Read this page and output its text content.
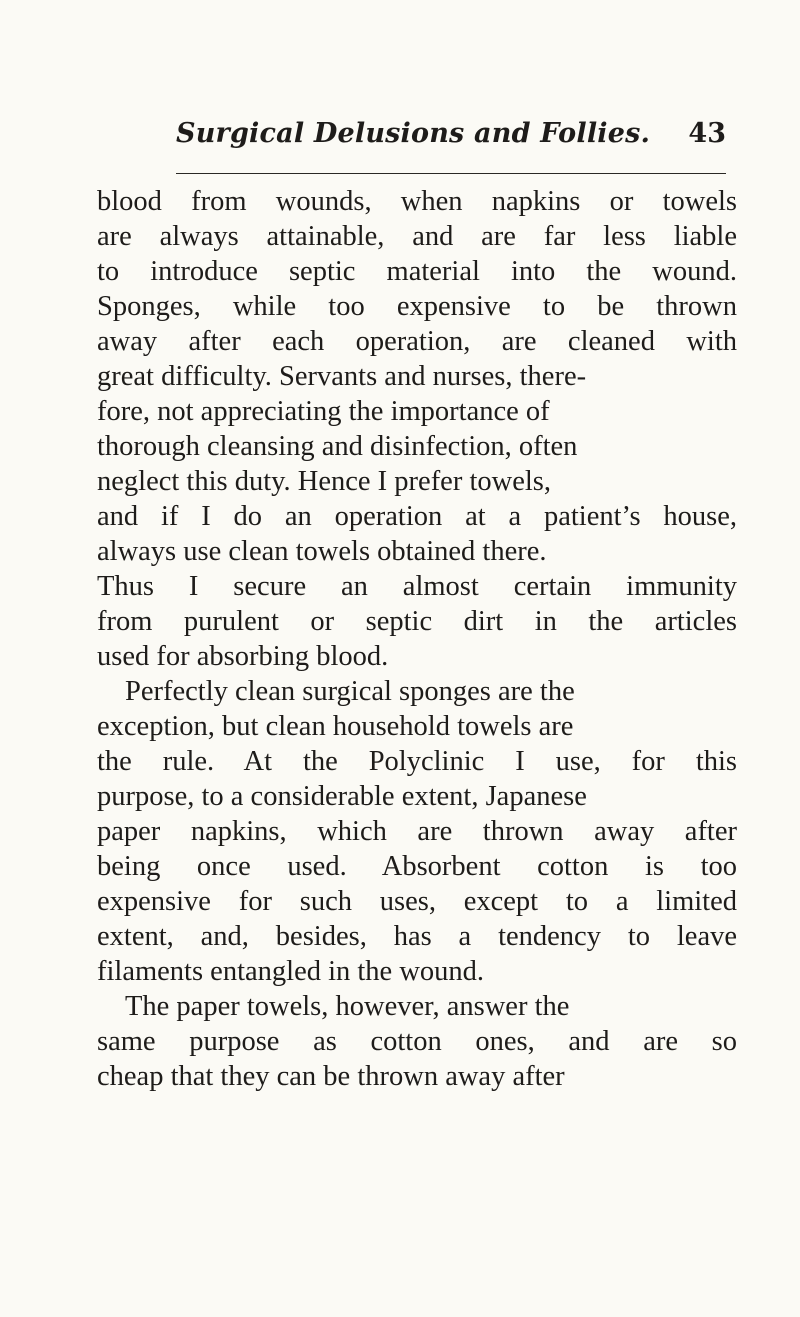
Surgical Delusions and Follies. 43
blood from wounds, when napkins or towels
are always attainable, and are far less liable
to introduce septic material into the wound.
Sponges, while too expensive to be thrown
away after each operation, are cleaned with
great difficulty. Servants and nurses, there-
fore, not appreciating the importance of
thorough cleansing and disinfection, often
neglect this duty. Hence I prefer towels,
and if I do an operation at a patient’s house,
always use clean towels obtained there.
Thus I secure an almost certain immunity
from purulent or septic dirt in the articles
used for absorbing blood.
Perfectly clean surgical sponges are the
exception, but clean household towels are
the rule. At the Polyclinic I use, for this
purpose, to a considerable extent, Japanese
paper napkins, which are thrown away after
being once used. Absorbent cotton is too
expensive for such uses, except to a limited
extent, and, besides, has a tendency to leave
filaments entangled in the wound.
The paper towels, however, answer the
same purpose as cotton ones, and are so
cheap that they can be thrown away after
